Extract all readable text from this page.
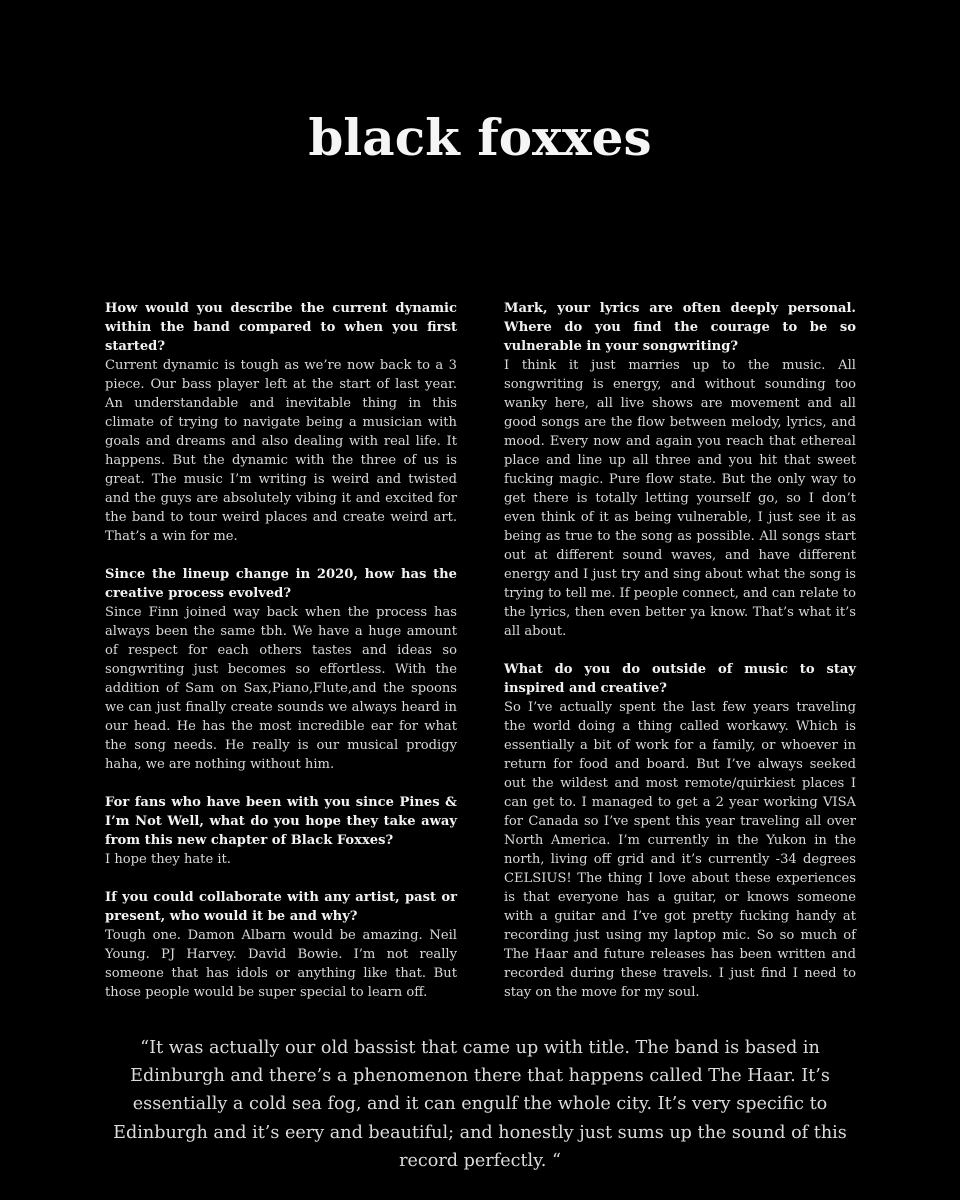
black foxxes
How would you describe the current dynamic within the band compared to when you first started?
Current dynamic is tough as we’re now back to a 3 piece. Our bass player left at the start of last year. An understandable and inevitable thing in this climate of trying to navigate being a musician with goals and dreams and also dealing with real life. It happens. But the dynamic with the three of us is great. The music I’m writing is weird and twisted and the guys are absolutely vibing it and excited for the band to tour weird places and create weird art. That’s a win for me.
Since the lineup change in 2020, how has the creative process evolved?
Since Finn joined way back when the process has always been the same tbh. We have a huge amount of respect for each others tastes and ideas so songwriting just becomes so effortless. With the addition of Sam on Sax,Piano,Flute,and the spoons we can just finally create sounds we always heard in our head. He has the most incredible ear for what the song needs. He really is our musical prodigy haha, we are nothing without him.
For fans who have been with you since Pines & I’m Not Well, what do you hope they take away from this new chapter of Black Foxxes?
I hope they hate it.
If you could collaborate with any artist, past or present, who would it be and why?
Tough one. Damon Albarn would be amazing. Neil Young. PJ Harvey. David Bowie. I’m not really someone that has idols or anything like that. But those people would be super special to learn off.
Mark, your lyrics are often deeply personal. Where do you find the courage to be so vulnerable in your songwriting?
I think it just marries up to the music. All songwriting is energy, and without sounding too wanky here, all live shows are movement and all good songs are the flow between melody, lyrics, and mood. Every now and again you reach that ethereal place and line up all three and you hit that sweet fucking magic. Pure flow state. But the only way to get there is totally letting yourself go, so I don’t even think of it as being vulnerable, I just see it as being as true to the song as possible. All songs start out at different sound waves, and have different energy and I just try and sing about what the song is trying to tell me. If people connect, and can relate to the lyrics, then even better ya know. That’s what it’s all about.
What do you do outside of music to stay inspired and creative?
So I’ve actually spent the last few years traveling the world doing a thing called workawy. Which is essentially a bit of work for a family, or whoever in return for food and board. But I’ve always seeked out the wildest and most remote/quirkiest places I can get to. I managed to get a 2 year working VISA for Canada so I’ve spent this year traveling all over North America. I’m currently in the Yukon in the north, living off grid and it’s currently -34 degrees CELSIUS! The thing I love about these experiences is that everyone has a guitar, or knows someone with a guitar and I’ve got pretty fucking handy at recording just using my laptop mic. So so much of The Haar and future releases has been written and recorded during these travels. I just find I need to stay on the move for my soul.
“It was actually our old bassist that came up with title. The band is based in Edinburgh and there’s a phenomenon there that happens called The Haar. It’s essentially a cold sea fog, and it can engulf the whole city. It’s very specific to Edinburgh and it’s eery and beautiful; and honestly just sums up the sound of this record perfectly. “
